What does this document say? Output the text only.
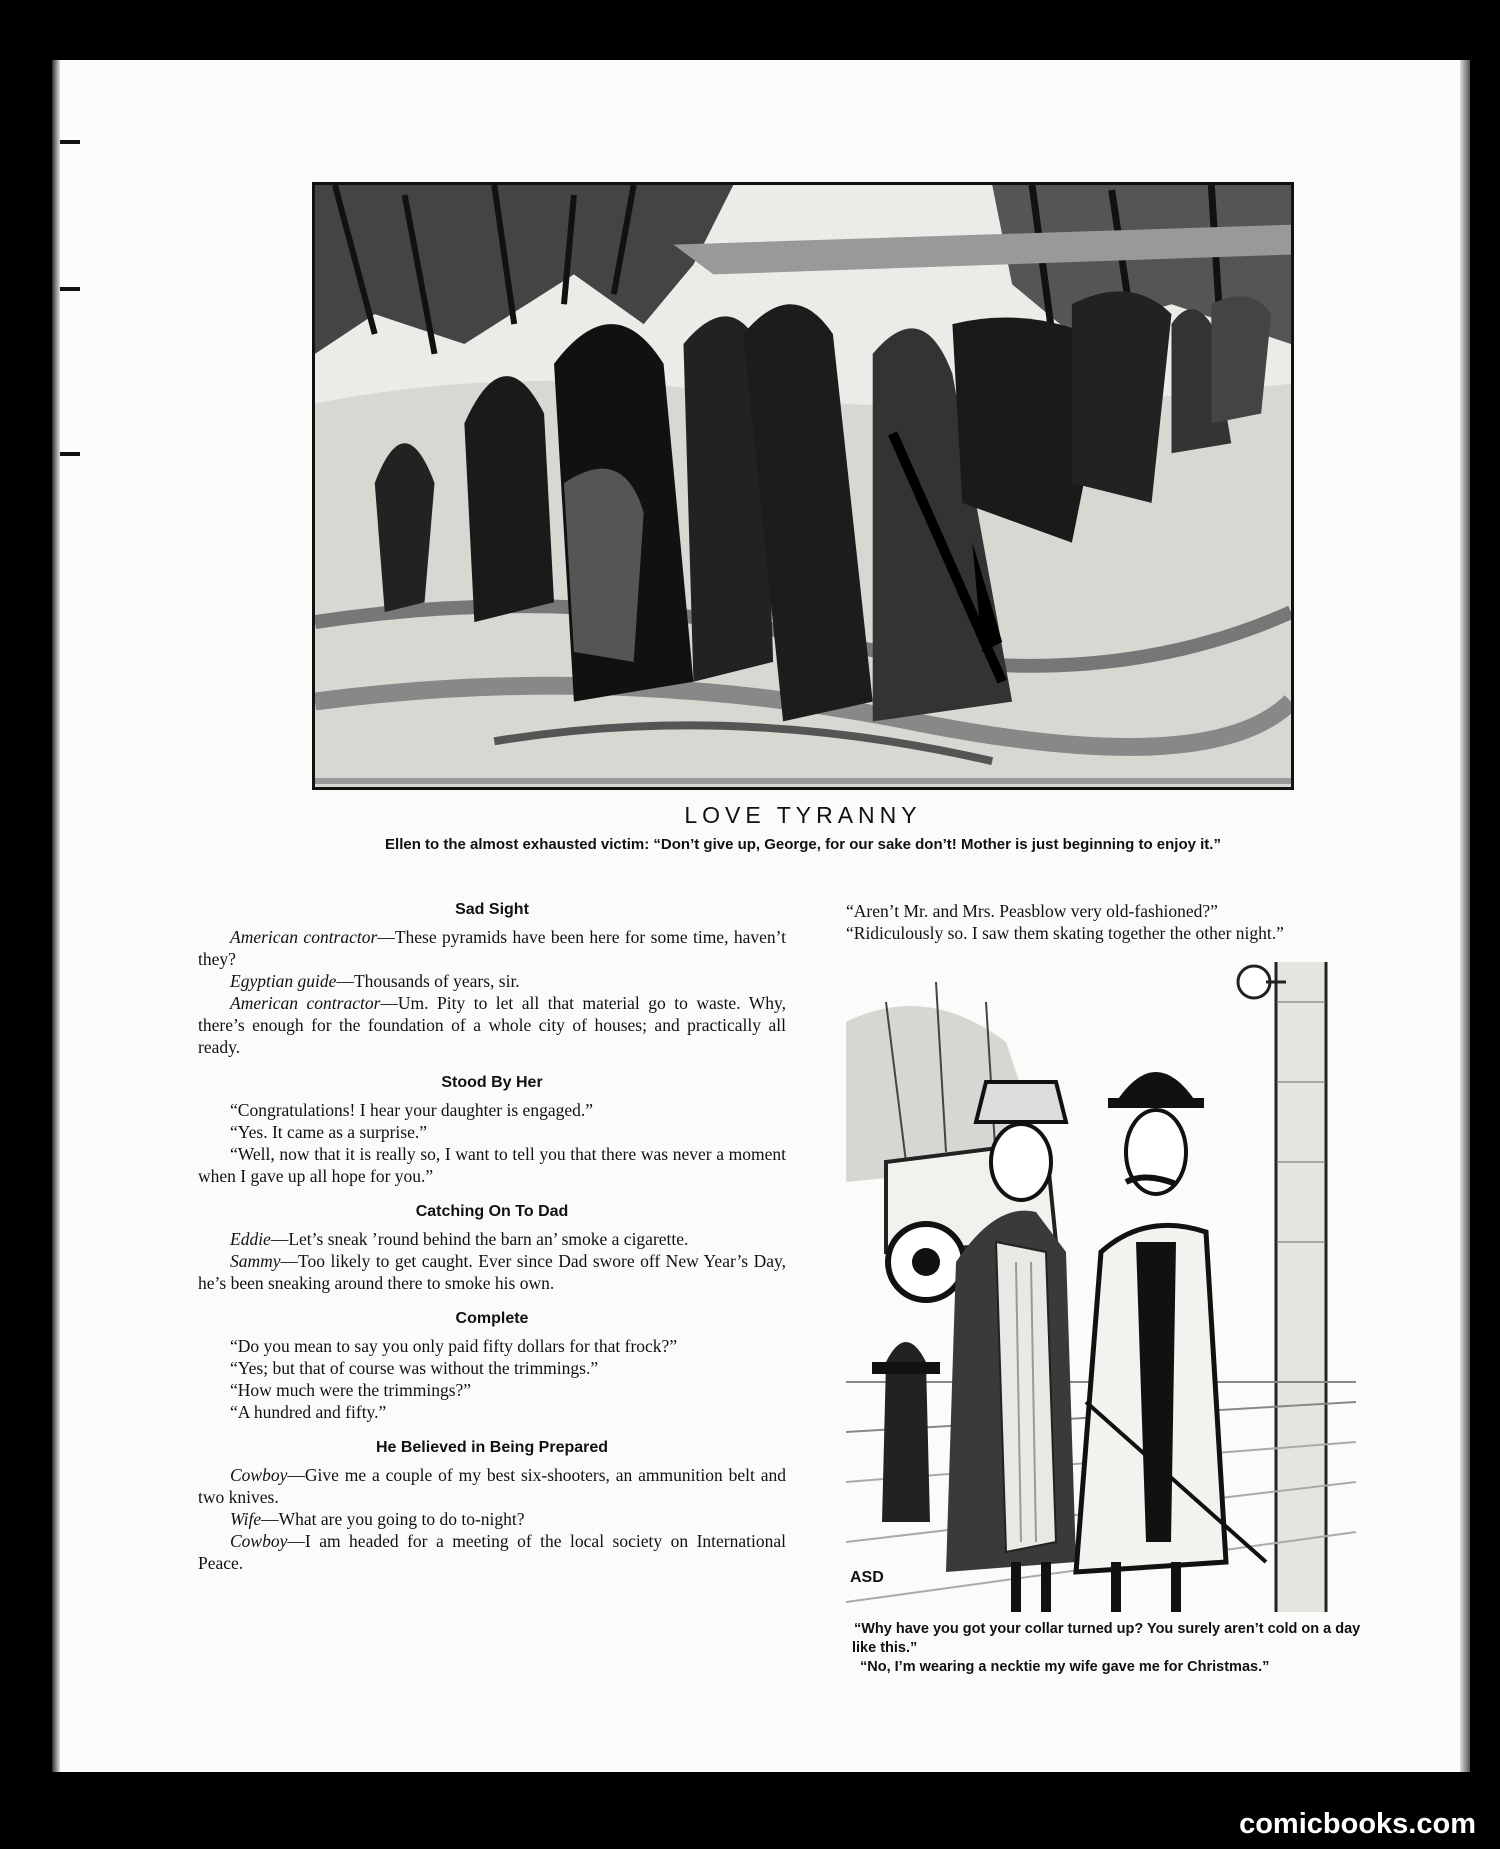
LOVE TYRANNY
Ellen to the almost exhausted victim: “Don’t give up, George, for our sake don’t! Mother is just beginning to enjoy it.”
Sad Sight

American contractor—These pyramids have been here for some time, haven’t they?

Egyptian guide—Thousands of years, sir.

American contractor—Um. Pity to let all that material go to waste. Why, there’s enough for the foundation of a whole city of houses; and practically all ready.

Stood By Her

“Congratulations! I hear your daughter is engaged.”

“Yes. It came as a surprise.”

“Well, now that it is really so, I want to tell you that there was never a moment when I gave up all hope for you.”

Catching On To Dad

Eddie—Let’s sneak ’round behind the barn an’ smoke a cigarette.

Sammy—Too likely to get caught. Ever since Dad swore off New Year’s Day, he’s been sneaking around there to smoke his own.

Complete

“Do you mean to say you only paid fifty dollars for that frock?”

“Yes; but that of course was without the trimmings.”

“How much were the trimmings?”

“A hundred and fifty.”

He Believed in Being Prepared

Cowboy—Give me a couple of my best six-shooters, an ammunition belt and two knives.

Wife—What are you going to do to-night?

Cowboy—I am headed for a meeting of the local society on International Peace.

“Aren’t Mr. and Mrs. Peasblow very old-fashioned?”

“Ridiculously so. I saw them skating together the other night.”

ASD

“Why have you got your collar turned up? You surely aren’t cold on a day like this.”

“No, I’m wearing a necktie my wife gave me for Christmas.”

comicbooks.com
